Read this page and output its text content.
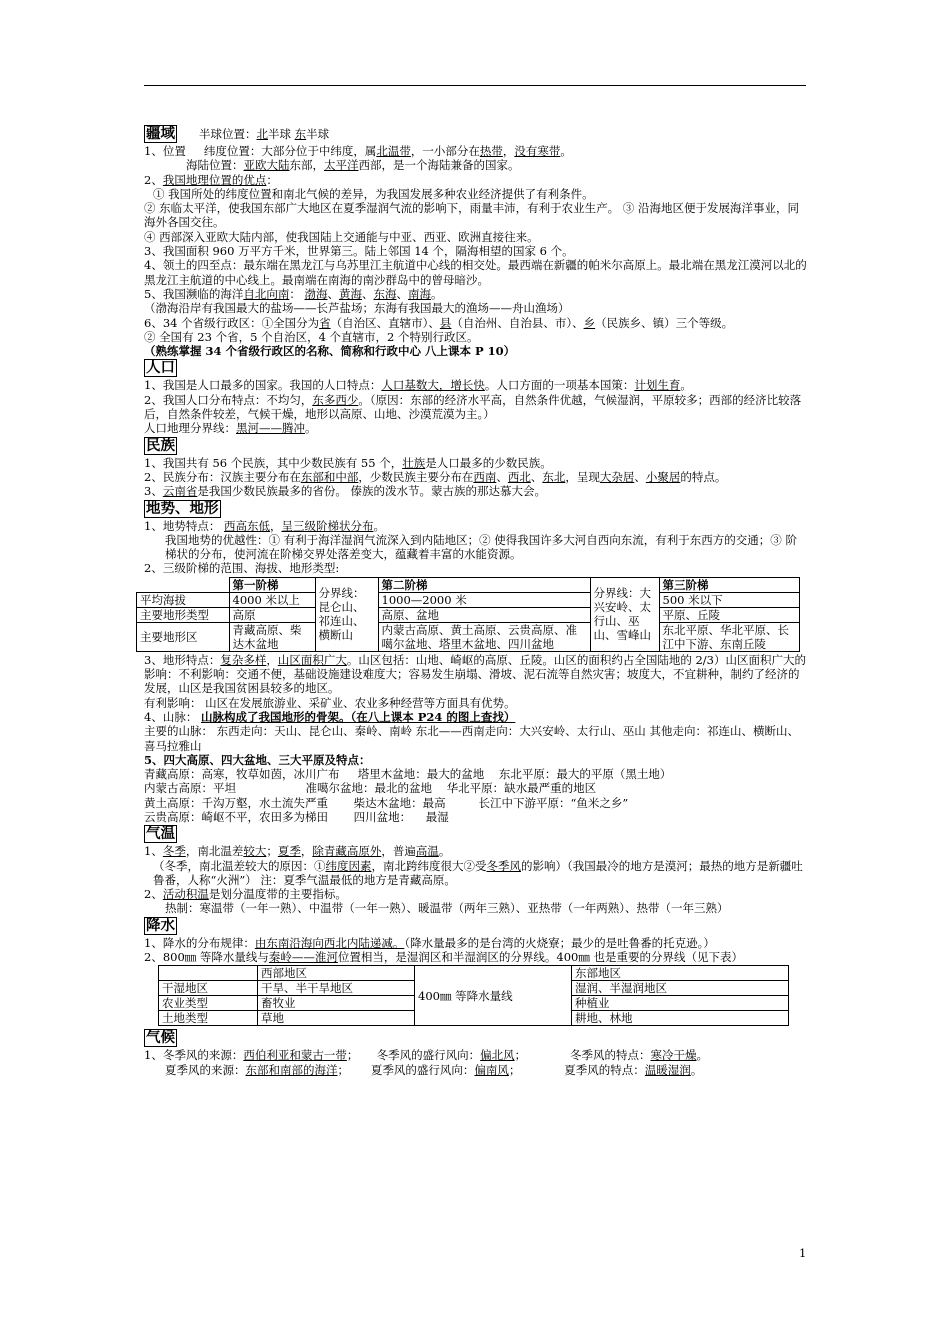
疆域 半球位置：北半球 东半球

1、位置 纬度位置：大部分位于中纬度，属北温带，一小部分在热带，没有寒带。

海陆位置：亚欧大陆东部，太平洋西部，是一个海陆兼备的国家。

2、我国地理位置的优点：

① 我国所处的纬度位置和南北气候的差异，为我国发展多种农业经济提供了有利条件。

② 东临太平洋，使我国东部广大地区在夏季湿润气流的影响下，雨量丰沛，有利于农业生产。 ③ 沿海地区便于发展海洋事业，同海外各国交往。

④ 西部深入亚欧大陆内部，使我国陆上交通能与中亚、西亚、欧洲直接往来。

3、我国面积 960 万平方千米，世界第三。陆上邻国 14 个，隔海相望的国家 6 个。

4、领土的四至点：最东端在黑龙江与乌苏里江主航道中心线的相交处。最西端在新疆的帕米尔高原上。最北端在黑龙江漠河以北的黑龙江主航道的中心线上。最南端在南海的南沙群岛中的曾母暗沙。

5、我国濒临的海洋自北向南： 渤海、黄海、东海、南海。

（渤海沿岸有我国最大的盐场——长芦盐场；东海有我国最大的渔场——舟山渔场）

6、34 个省级行政区：①全国分为省（自治区、直辖市）、县（自治州、自治县、市）、乡（民族乡、镇）三个等级。

② 全国有 23 个省，5 个自治区，4 个直辖市，2 个特别行政区。

（熟练掌握 34 个省级行政区的名称、简称和行政中心 八上课本 P 10）

人口

1、我国是人口最多的国家。我国的人口特点：人口基数大，增长快。人口方面的一项基本国策：计划生育。

2、我国人口分布特点：不均匀，东多西少。（原因：东部的经济水平高，自然条件优越，气候湿润，平原较多；西部的经济比较落后，自然条件较差，气候干燥，地形以高原、山地、沙漠荒漠为主。）

人口地理分界线：黑河——腾冲。

民族

1、我国共有 56 个民族，其中少数民族有 55 个，壮族是人口最多的少数民族。

2、民族分布：汉族主要分布在东部和中部，少数民族主要分布在西南、西北、东北，呈现大杂居、小聚居的特点。

3、云南省是我国少数民族最多的省份。 傣族的泼水节。蒙古族的那达慕大会。

地势、地形

1、地势特点： 西高东低，呈三级阶梯状分布。

我国地势的优越性：① 有利于海洋湿润气流深入到内陆地区；② 使得我国许多大河自西向东流，有利于东西方的交通；③ 阶梯状的分布，使河流在阶梯交界处落差变大，蕴藏着丰富的水能资源。

2、三级阶梯的范围、海拔、地形类型:

	第一阶梯	分界线：昆仑山、祁连山、横断山	第二阶梯	分界线：大兴安岭、太行山、巫山、雪峰山	第三阶梯
平均海拔	4000 米以上		1000—2000 米		500 米以下
主要地形类型	高原		高原、盆地		平原、丘陵
主要地形区	青藏高原、柴达木盆地		内蒙古高原、黄土高原、云贵高原、准噶尔盆地、塔里木盆地、四川盆地		东北平原、华北平原、长江中下游、东南丘陵

3、地形特点：复杂多样，山区面积广大。山区包括：山地、崎岖的高原、丘陵。山区的面积约占全国陆地的 2/3）山区面积广大的影响：不利影响：交通不便，基础设施建设难度大；容易发生崩塌、滑坡、泥石流等自然灾害；坡度大，不宜耕种，制约了经济的发展，山区是我国贫困县较多的地区。

有利影响： 山区在发展旅游业、采矿业、农业多种经营等方面具有优势。

4、山脉： 山脉构成了我国地形的骨架。（在八上课本 P24 的图上查找）

主要的山脉： 东西走向：天山、昆仑山、秦岭、南岭 东北——西南走向：大兴安岭、太行山、巫山 其他走向：祁连山、横断山、喜马拉雅山

5、四大高原、四大盆地、三大平原及特点：

青藏高原：高寒，牧草如茵，冰川广布     塔里木盆地：最大的盆地    东北平原：最大的平原（黑土地）

内蒙古高原：平坦                   准噶尔盆地：最北的盆地    华北平原：缺水最严重的地区

黄土高原：千沟万壑，水土流失严重       柴达木盆地：最高         长江中下游平原：“鱼米之乡”

云贵高原：崎岖不平，农田多为梯田       四川盆地：    最湿

气温

1、冬季，南北温差较大；夏季，除青藏高原外，普遍高温。

（冬季，南北温差较大的原因：①纬度因素，南北跨纬度很大②受冬季风的影响）（我国最冷的地方是漠河；最热的地方是新疆吐鲁番，人称“火洲”） 注：夏季气温最低的地方是青藏高原。

2、活动积温是划分温度带的主要指标。

热制：寒温带（一年一熟）、中温带（一年一熟）、暖温带（两年三熟）、亚热带（一年两熟）、热带（一年三熟）

降水

1、降水的分布规律：由东南沿海向西北内陆递减。（降水量最多的是台湾的火烧寮；最少的是吐鲁番的托克逊。）

2、800㎜ 等降水量线与秦岭——淮河位置相当，是湿润区和半湿润区的分界线。400㎜ 也是重要的分界线（见下表）

	西部地区	400㎜ 等降水量线	东部地区
干湿地区	干旱、半干旱地区		湿润、半湿润地区
农业类型	畜牧业		种植业
土地类型	草地		耕地、林地

气候

1、冬季风的来源：西伯利亚和蒙古一带；     冬季风的盛行风向：偏北风；            冬季风的特点：寒冷干燥。

夏季风的来源：东部和南部的海洋；      夏季风的盛行风向：偏南风；            夏季风的特点：温暖湿润。

1
